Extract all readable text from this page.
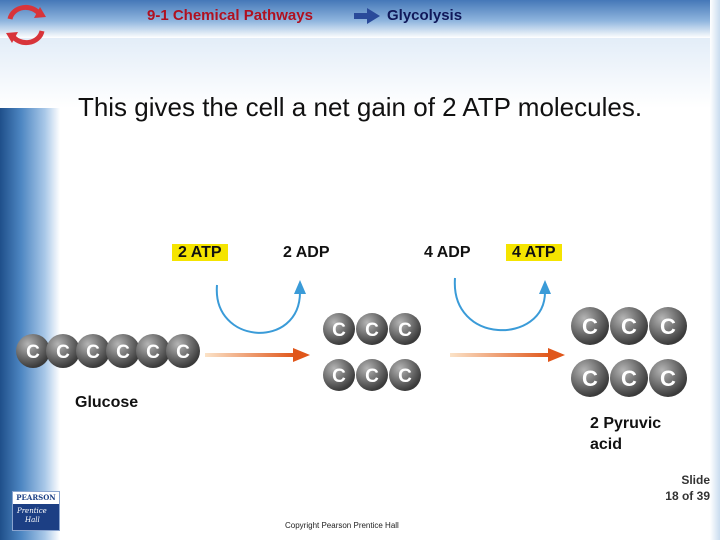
9-1 Chemical Pathways	Glycolysis
This gives the cell a net gain of 2 ATP molecules.
2 ATP	2 ADP	4 ADP	4 ATP
C C C C C C
C C C
C C C
C C C
C C C
Glucose
2 Pyruvic
acid
Slide
18 of 39
PEARSON
Prentice
Hall
Copyright Pearson Prentice Hall
